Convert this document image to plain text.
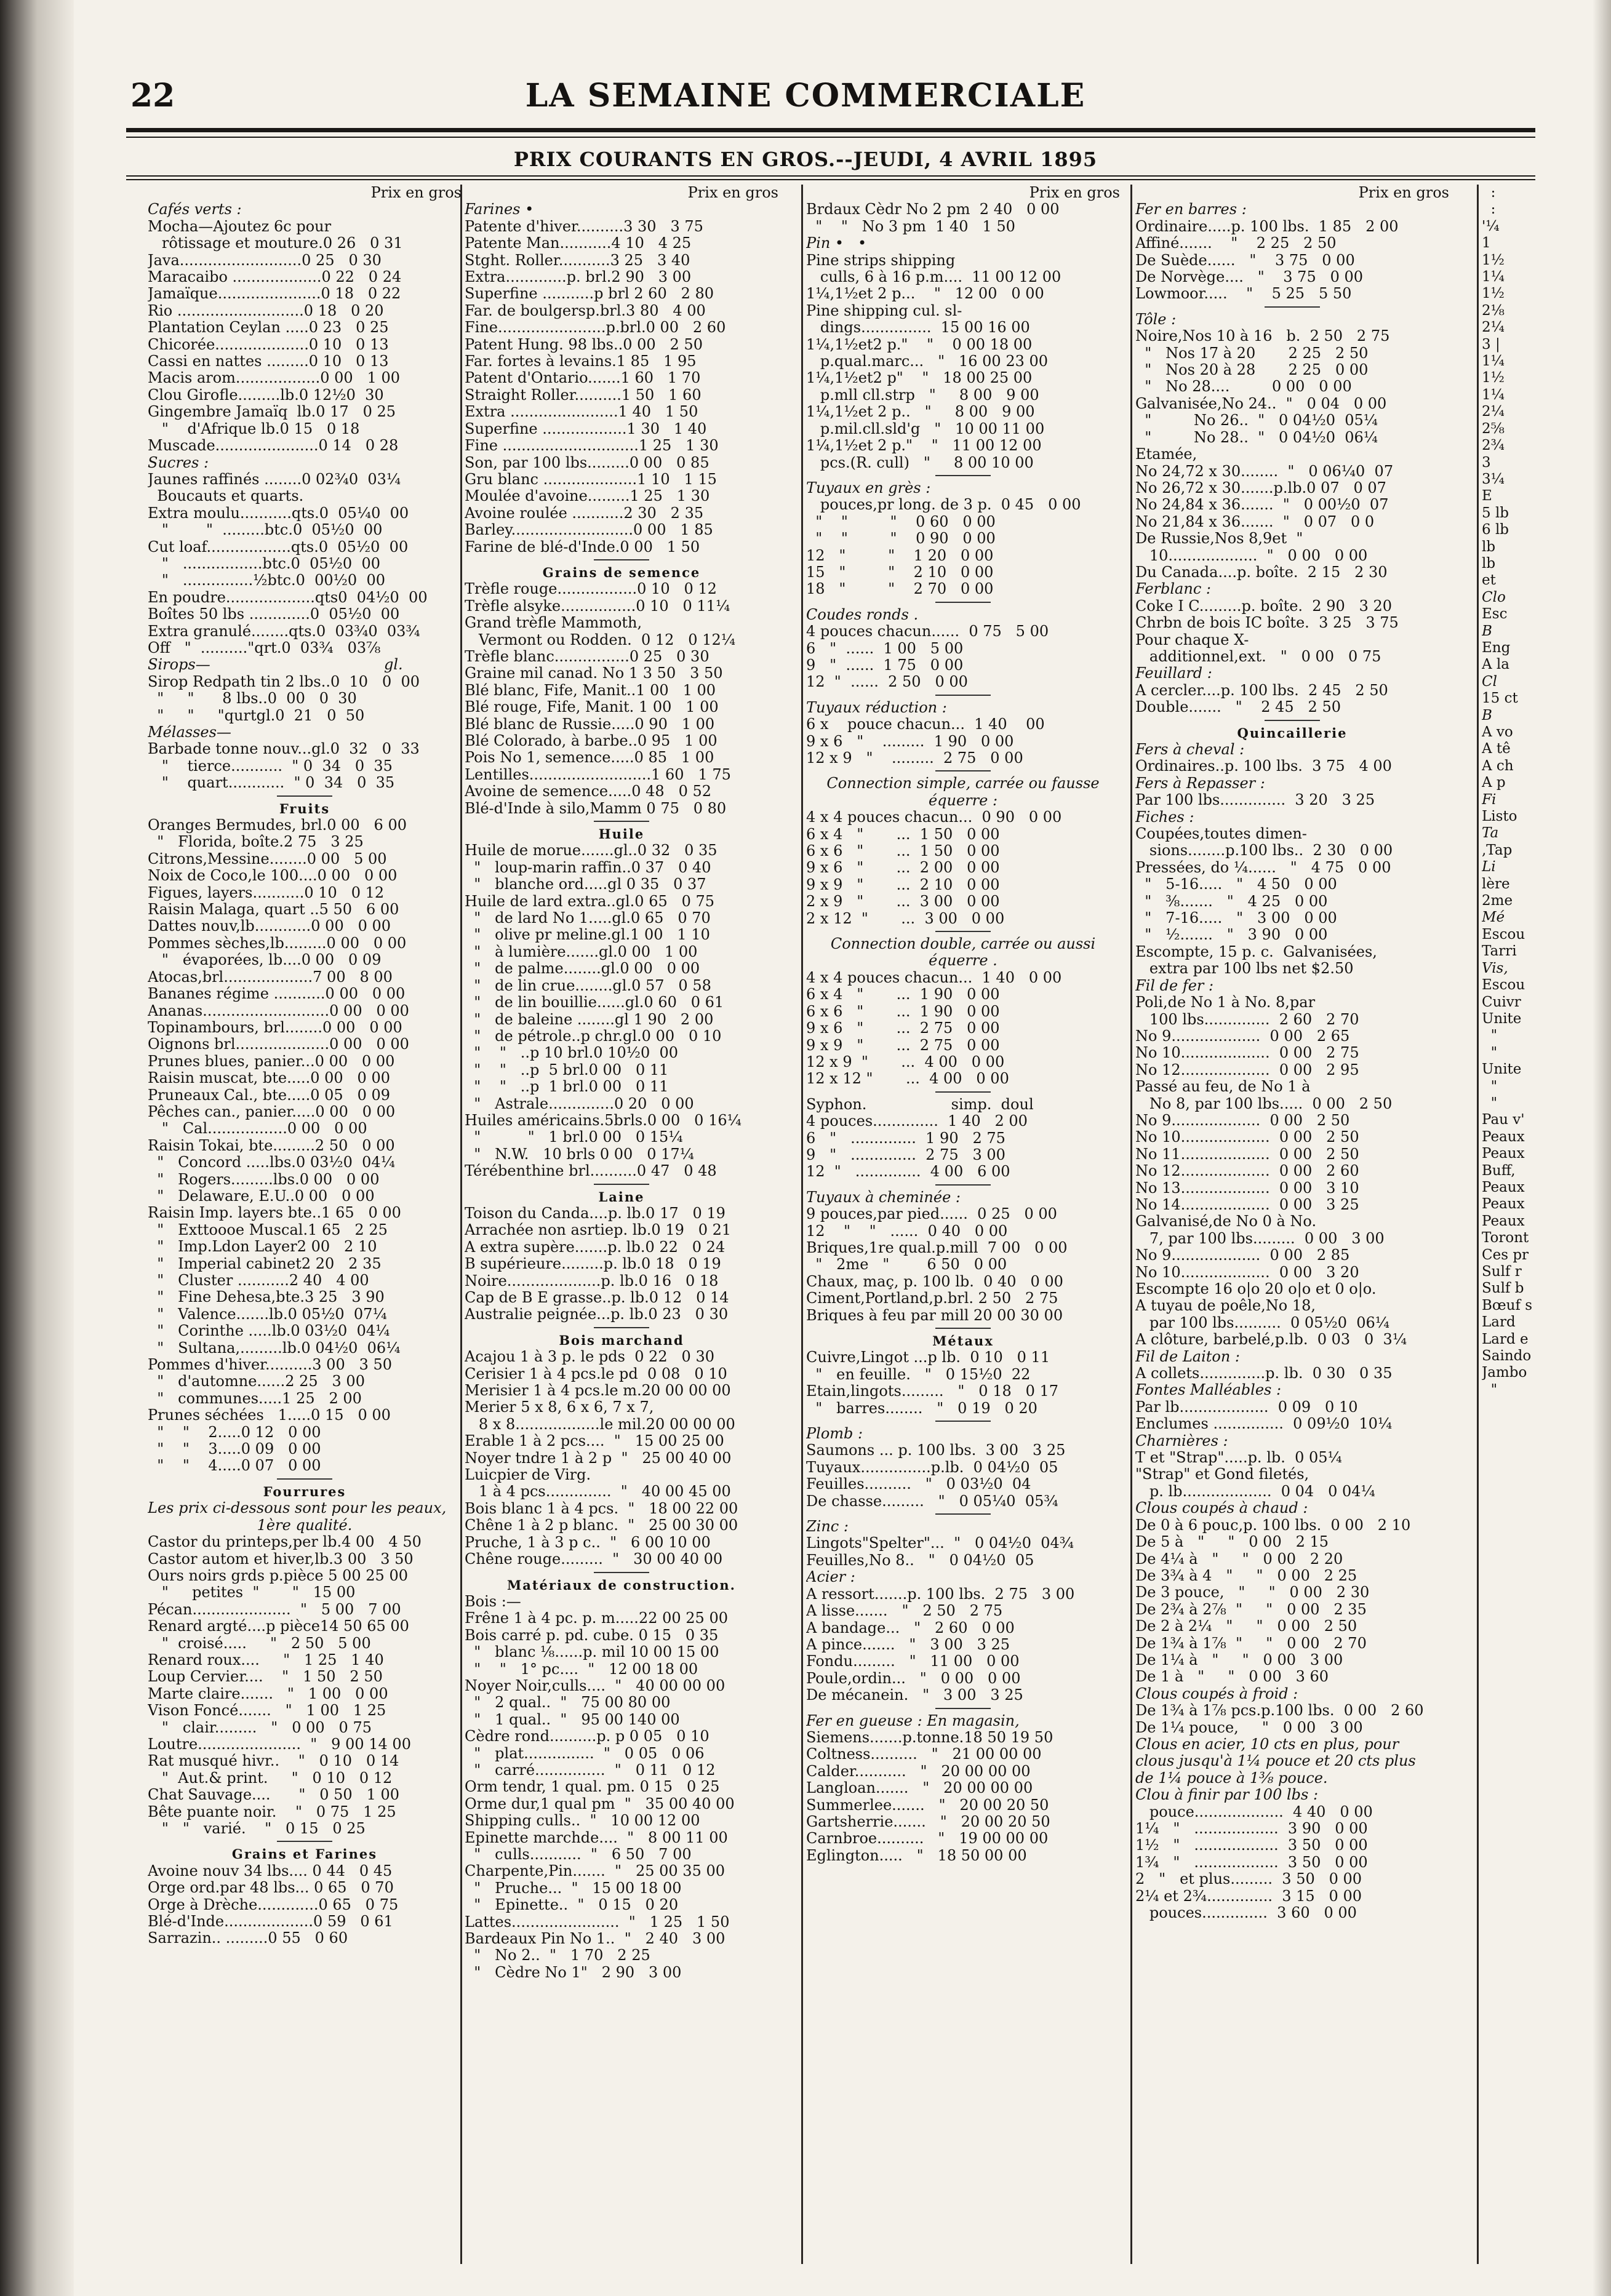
22	LA SEMAINE COMMERCIALE
PRIX COURANTS EN GROS.--JEUDI, 4 AVRIL 1895
Prix en gros
Cafés verts :
Mocha—Ajoutez 6c pour
rôtissage et mouture.0 26   0 31
Java..........................0 25   0 30
Maracaibo ...................0 22   0 24
Jamaïque......................0 18   0 22
Rio ...........................0 18   0 20
Plantation Ceylan .....0 23   0 25
Chicorée....................0 10   0 13
Cassi en nattes .........0 10   0 13
Macis arom..................0 00   1 00
Clou Girofle.........lb.0 12½0  30
Gingembre Jamaïq  lb.0 17   0 25
"    d'Afrique lb.0 15   0 18
Muscade......................0 14   0 28
Sucres :
Jaunes raffinés ........0 02¾0  03¼
Boucauts et quarts.
Extra moulu...........qts.0  05¼0  00
"        "  .........btc.0  05½0  00
Cut loaf..................qts.0  05½0  00
"   .................btc.0  05½0  00
"   ...............½btc.0  00½0  00
En poudre...................qts0  04½0  00
Boîtes 50 lbs .............0  05½0  00
Extra granulé........qts.0  03¾0  03¾
Off   "  .........."qrt.0  03¾   03⅞
Sirops—                                     gl.
Sirop Redpath tin 2 lbs..0  10   0  00
"     "      8 lbs..0  00   0  30
"     "     "qurtgl.0  21   0  50
Mélasses—
Barbade tonne nouv...gl.0  32   0  33
"    tierce...........  " 0  34   0  35
"    quart............  " 0  34   0  35
Fruits
Oranges Bermudes, brl.0 00   6 00
"   Florida, boîte.2 75   3 25
Citrons,Messine........0 00   5 00
Noix de Coco,le 100....0 00   0 00
Figues, layers...........0 10   0 12
Raisin Malaga, quart ..5 50   6 00
Dattes nouv,lb............0 00   0 00
Pommes sèches,lb.........0 00   0 00
"   évaporées, lb....0 00   0 09
Atocas,brl...................7 00   8 00
Bananes régime ...........0 00   0 00
Ananas...........................0 00   0 00
Topinambours, brl........0 00   0 00
Oignons brl....................0 00   0 00
Prunes blues, panier...0 00   0 00
Raisin muscat, bte.....0 00   0 00
Pruneaux Cal., bte.....0 05   0 09
Pêches can., panier.....0 00   0 00
"   Cal.................0 00   0 00
Raisin Tokai, bte.........2 50   0 00
"   Concord .....lbs.0 03½0  04¼
"   Rogers.........lbs.0 00   0 00
"   Delaware, E.U..0 00   0 00
Raisin Imp. layers bte..1 65   0 00
"   Exttoooe Muscal.1 65   2 25
"   Imp.Ldon Layer2 00   2 10
"   Imperial cabinet2 20   2 35
"   Cluster ...........2 40   4 00
"   Fine Dehesa,bte.3 25   3 90
"   Valence.......lb.0 05½0  07¼
"   Corinthe .....lb.0 03½0  04¼
"   Sultana,.........lb.0 04½0  06¼
Pommes d'hiver..........3 00   3 50
"   d'automne......2 25   3 00
"   communes.....1 25   2 00
Prunes séchées   1.....0 15   0 00
"    "    2.....0 12   0 00
"    "    3.....0 09   0 00
"    "    4.....0 07   0 00
Fourrures
Les prix ci-dessous sont pour les peaux,
1ère qualité.
Castor du printeps,per lb.4 00   4 50
Castor autom et hiver,lb.3 00   3 50
Ours noirs grds p.pièce 5 00 25 00
"     petites  "       "   15 00
Pécan.....................  "   5 00   7 00
Renard argté....p pièce14 50 65 00
"  croisé.....     "   2 50   5 00
Renard roux....     "   1 25   1 40
Loup Cervier....    "   1 50   2 50
Marte claire.......   "   1 00   0 00
Vison Foncé.......   "   1 00   1 25
"   clair.........   "   0 00   0 75
Loutre......................  "   9 00 14 00
Rat musqué hivr..    "   0 10   0 14
"  Aut.& print.     "   0 10   0 12
Chat Sauvage....      "   0 50   1 00
Bête puante noir.    "   0 75   1 25
"   "   varié.    "   0 15   0 25
Grains et Farines
Avoine nouv 34 lbs.... 0 44   0 45
Orge ord.par 48 lbs... 0 65   0 70
Orge à Drèche.............0 65   0 75
Blé-d'Inde...................0 59   0 61
Sarrazin.. .........0 55   0 60
Prix en gros
Farines •
Patente d'hiver..........3 30   3 75
Patente Man...........4 10   4 25
Stght. Roller...........3 25   3 40
Extra.............p. brl.2 90   3 00
Superfine ...........p brl 2 60   2 80
Far. de boulgersp.brl.3 80   4 00
Fine.......................p.brl.0 00   2 60
Patent Hung. 98 lbs..0 00   2 50
Far. fortes à levains.1 85   1 95
Patent d'Ontario.......1 60   1 70
Straight Roller..........1 50   1 60
Extra .......................1 40   1 50
Superfine ..................1 30   1 40
Fine .............................1 25   1 30
Son, par 100 lbs.........0 00   0 85
Gru blanc ....................1 10   1 15
Moulée d'avoine.........1 25   1 30
Avoine roulée ...........2 30   2 35
Barley..........................0 00   1 85
Farine de blé-d'Inde.0 00   1 50
Grains de semence
Trèfle rouge.................0 10   0 12
Trèfle alsyke................0 10   0 11¼
Grand trèfle Mammoth,
Vermont ou Rodden.  0 12   0 12¼
Trèfle blanc................0 25   0 30
Graine mil canad. No 1 3 50   3 50
Blé blanc, Fife, Manit..1 00   1 00
Blé rouge, Fife, Manit. 1 00   1 00
Blé blanc de Russie.....0 90   1 00
Blé Colorado, à barbe..0 95   1 00
Pois No 1, semence.....0 85   1 00
Lentilles..........................1 60   1 75
Avoine de semence.....0 48   0 52
Blé-d'Inde à silo,Mamm 0 75   0 80
Huile
Huile de morue.......gl..0 32   0 35
"   loup-marin raffin..0 37   0 40
"   blanche ord.....gl 0 35   0 37
Huile de lard extra..gl.0 65   0 75
"   de lard No 1.....gl.0 65   0 70
"   olive pr meline.gl.1 00   1 10
"   à lumière.......gl.0 00   1 00
"   de palme........gl.0 00   0 00
"   de lin crue........gl.0 57   0 58
"   de lin bouillie......gl.0 60   0 61
"   de baleine ........gl 1 90   2 00
"   de pétrole..p chr.gl.0 00   0 10
"    "   ..p 10 brl.0 10½0  00
"    "   ..p  5 brl.0 00   0 11
"    "   ..p  1 brl.0 00   0 11
"   Astrale..............0 20   0 00
Huiles américains.5brls.0 00   0 16¼
"          "   1 brl.0 00   0 15¼
"   N.W.   10 brls 0 00   0 17¼
Térébenthine brl..........0 47   0 48
Laine
Toison du Canda....p. lb.0 17   0 19
Arrachée non asrtiep. lb.0 19   0 21
A extra supère.......p. lb.0 22   0 24
B supérieure.........p. lb.0 18   0 19
Noire....................p. lb.0 16   0 18
Cap de B E grasse..p. lb.0 12   0 14
Australie peignée...p. lb.0 23   0 30
Bois marchand
Acajou 1 à 3 p. le pds  0 22   0 30
Cerisier 1 à 4 pcs.le pd  0 08   0 10
Merisier 1 à 4 pcs.le m.20 00 00 00
Merier 5 x 8, 6 x 6, 7 x 7,
8 x 8..................le mil.20 00 00 00
Erable 1 à 2 pcs....  "   15 00 25 00
Noyer tndre 1 à 2 p  "   25 00 40 00
Luicpier de Virg.
1 à 4 pcs..............  "   40 00 45 00
Bois blanc 1 à 4 pcs.  "   18 00 22 00
Chêne 1 à 2 p blanc.  "   25 00 30 00
Pruche, 1 à 3 p c..  "   6 00 10 00
Chêne rouge.........  "   30 00 40 00
Matériaux de construction.
Bois :—
Frêne 1 à 4 pc. p. m.....22 00 25 00
Bois carré p. pd. cube. 0 15   0 35
"   blanc ⅛......p. mil 10 00 15 00
"    "   1° pc....  "   12 00 18 00
Noyer Noir,culls....  "   40 00 00 00
"   2 qual..  "   75 00 80 00
"   1 qual..  "   95 00 140 00
Cèdre rond..........p. p 0 05   0 10
"   plat...............  "   0 05   0 06
"   carré...............  "   0 11   0 12
Orm tendr, 1 qual. pm. 0 15   0 25
Orme dur,1 qual pm  "   35 00 40 00
Shipping culls..  "   10 00 12 00
Epinette marchde....  "   8 00 11 00
"   culls...........  "   6 50   7 00
Charpente,Pin.......  "   25 00 35 00
"   Pruche...  "   15 00 18 00
"   Epinette..  "   0 15   0 20
Lattes.......................  "   1 25   1 50
Bardeaux Pin No 1..  "   2 40   3 00
"   No 2..  "   1 70   2 25
"   Cèdre No 1"   2 90   3 00
Prix en gros
Brdaux Cèdr No 2 pm  2 40   0 00
"    "   No 3 pm  1 40   1 50
Pin •   •
Pine strips shipping
culls, 6 à 16 p.m....  11 00 12 00
1¼,1½et 2 p...    "   12 00   0 00
Pine shipping cul. sl-
dings...............  15 00 16 00
1¼,1½et2 p."    "    0 00 18 00
p.qual.marc...   "   16 00 23 00
1¼,1½et2 p"    "   18 00 25 00
p.mll cll.strp   "     8 00   9 00
1¼,1½et 2 p..   "     8 00   9 00
p.mil.cll.sld'g   "   10 00 11 00
1¼,1½et 2 p."    "   11 00 12 00
pcs.(R. cull)   "     8 00 10 00
Tuyaux en grès :
pouces,pr long. de 3 p.  0 45   0 00
"    "         "    0 60   0 00
"    "         "    0 90   0 00
12   "         "    1 20   0 00
15   "         "    2 10   0 00
18   "         "    2 70   0 00
Coudes ronds .
4 pouces chacun......  0 75   5 00
6   "  ......  1 00   5 00
9   "  ......  1 75   0 00
12  "  ......  2 50   0 00
Tuyaux réduction :
6 x    pouce chacun...  1 40    00
9 x 6   "    .........  1 90   0 00
12 x 9   "    .........  2 75   0 00
Connection simple, carrée ou fausse
équerre :
4 x 4 pouces chacun...  0 90   0 00
6 x 4   "       ...  1 50   0 00
6 x 6   "       ...  1 50   0 00
9 x 6   "       ...  2 00   0 00
9 x 9   "       ...  2 10   0 00
2 x 9   "       ...  3 00   0 00
2 x 12  "       ...  3 00   0 00
Connection double, carrée ou aussi
équerre .
4 x 4 pouces chacun...  1 40   0 00
6 x 4   "       ...  1 90   0 00
6 x 6   "       ...  1 90   0 00
9 x 6   "       ...  2 75   0 00
9 x 9   "       ...  2 75   0 00
12 x 9  "       ...  4 00   0 00
12 x 12 "       ...  4 00   0 00
Syphon.                  simp.  doul
4 pouces..............  1 40   2 00
6   "   ..............  1 90   2 75
9   "   ..............  2 75   3 00
12  "   ..............  4 00   6 00
Tuyaux à cheminée :
9 pouces,par pied......  0 25   0 00
12    "    "   ......  0 40   0 00
Briques,1re qual.p.mill  7 00   0 00
"   2me   "        6 50   0 00
Chaux, maç, p. 100 lb.  0 40   0 00
Ciment,Portland,p.brl. 2 50   2 75
Briques à feu par mill 20 00 30 00
Métaux
Cuivre,Lingot ...p lb.  0 10   0 11
"   en feuille.   "   0 15½0  22
Etain,lingots.........   "   0 18   0 17
"   barres........   "   0 19   0 20
Plomb :
Saumons ... p. 100 lbs.  3 00   3 25
Tuyaux...............p.lb.  0 04½0  05
Feuilles..........   "   0 03½0  04
De chasse.........   "   0 05¼0  05¾
Zinc :
Lingots"Spelter"...  "   0 04½0  04¾
Feuilles,No 8..   "   0 04½0  05
Acier :
A ressort.......p. 100 lbs.  2 75   3 00
A lisse.......   "   2 50   2 75
A bandage...   "   2 60   0 00
A pince.......   "   3 00   3 25
Fondu.........   "   11 00   0 00
Poule,ordin...   "   0 00   0 00
De mécanein.   "   3 00   3 25
Fer en gueuse : En magasin,
Siemens.......p.tonne.18 50 19 50
Coltness..........   "   21 00 00 00
Calder...........   "   20 00 00 00
Langloan.......   "   20 00 00 00
Summerlee.......   "   20 00 20 50
Gartsherrie.......   "   20 00 20 50
Carnbroe..........   "   19 00 00 00
Eglington.....   "   18 50 00 00
Prix en gros
Fer en barres :
Ordinaire.....p. 100 lbs.  1 85   2 00
Affiné.......    "    2 25   2 50
De Suède......   "    3 75   0 00
De Norvège....   "    3 75   0 00
Lowmoor.....    "    5 25   5 50
Tôle :
Noire,Nos 10 à 16   b.  2 50   2 75
"   Nos 17 à 20       2 25   2 50
"   Nos 20 à 28       2 25   0 00
"   No 28....         0 00   0 00
Galvanisée,No 24..  "   0 04   0 00
"         No 26..  "   0 04½0  05¼
"         No 28..  "   0 04½0  06¼
Etamée,
No 24,72 x 30........  "   0 06¼0  07
No 26,72 x 30.......p.lb.0 07   0 07
No 24,84 x 36.......  "   0 00½0  07
No 21,84 x 36.......  "   0 07   0 0
De Russie,Nos 8,9et  "
10...................  "   0 00   0 00
Du Canada....p. boîte.  2 15   2 30
Ferblanc :
Coke I C.........p. boîte.  2 90   3 20
Chrbn de bois IC boîte.  3 25   3 75
Pour chaque X-
additionnel,ext.   "   0 00   0 75
Feuillard :
A cercler....p. 100 lbs.  2 45   2 50
Double.......   "    2 45   2 50
Quincaillerie
Fers à cheval :
Ordinaires..p. 100 lbs.  3 75   4 00
Fers à Repasser :
Par 100 lbs..............  3 20   3 25
Fiches :
Coupées,toutes dimen-
sions........p.100 lbs..  2 30   0 00
Pressées, do ¼......   "   4 75   0 00
"   5-16.....   "   4 50   0 00
"   ⅜.......   "   4 25   0 00
"   7-16.....   "   3 00   0 00
"   ½.......   "   3 90   0 00
Escompte, 15 p. c.  Galvanisées,
extra par 100 lbs net $2.50
Fil de fer :
Poli,de No 1 à No. 8,par
100 lbs..............  2 60   2 70
No 9...................  0 00   2 65
No 10...................  0 00   2 75
No 12...................  0 00   2 95
Passé au feu, de No 1 à
No 8, par 100 lbs.....  0 00   2 50
No 9...................  0 00   2 50
No 10...................  0 00   2 50
No 11...................  0 00   2 50
No 12...................  0 00   2 60
No 13...................  0 00   3 10
No 14...................  0 00   3 25
Galvanisé,de No 0 à No.
7, par 100 lbs.........  0 00   3 00
No 9...................  0 00   2 85
No 10...................  0 00   3 20
Escompte 16 o|o 20 o|o et 0 o|o.
A tuyau de poêle,No 18,
par 100 lbs..........  0 05½0  06¼
A clôture, barbelé,p.lb.  0 03   0  3¼
Fil de Laiton :
A collets..............p. lb.  0 30   0 35
Fontes Malléables :
Par lb...................  0 09   0 10
Enclumes ...............  0 09½0  10¼
Charnières :
T et "Strap".....p. lb.  0 05¼
"Strap" et Gond filetés,
p. lb...................  0 04   0 04¼
Clous coupés à chaud :
De 0 à 6 pouc,p. 100 lbs.  0 00   2 10
De 5 à   "     "   0 00   2 15
De 4¼ à   "     "   0 00   2 20
De 3¾ à 4   "     "   0 00   2 25
De 3 pouce,   "     "   0 00   2 30
De 2¾ à 2⅞  "     "   0 00   2 35
De 2 à 2¼   "     "   0 00   2 50
De 1¾ à 1⅞  "     "   0 00   2 70
De 1¼ à   "     "   0 00   3 00
De 1 à   "     "   0 00   3 60
Clous coupés à froid :
De 1¾ à 1⅞ pcs.p.100 lbs.  0 00   2 60
De 1¼ pouce,     "   0 00   3 00
Clous en acier, 10 cts en plus, pour
clous jusqu'à 1¼ pouce et 20 cts plus
de 1¼ pouce à 1⅜ pouce.
Clou à finir par 100 lbs :
pouce...................  4 40   0 00
1¼   "   ..................  3 90   0 00
1½   "   ..................  3 50   0 00
1¾   "   ..................  3 50   0 00
2   "   et plus.........  3 50   0 00
2¼ et 2¾..............  3 15   0 00
pouces..............  3 60   0 00
:
:
'¼
1
1½
1¼
1½
2⅛
2¼
3 |
1¼
1½
1¼
2¼
2⅝
2¾
3
3¼
E
5 lb
6 lb
lb
lb
et
Clo
Esc
B
Eng
A la
Cl
15 ct
B
A vo
A tê
A ch
A p
Fi
Listo
Ta
,Tap
Li
lère
2me
Mé
Escou
Tarri
Vis,
Escou
Cuivr
Unite
"
"
Unite
"
"
Pau v'
Peaux
Peaux
Buff,
Peaux
Peaux
Peaux
Toront
Ces pr
Sulf r
Sulf b
Bœuf s
Lard
Lard e
Saindo
Jambo
"
